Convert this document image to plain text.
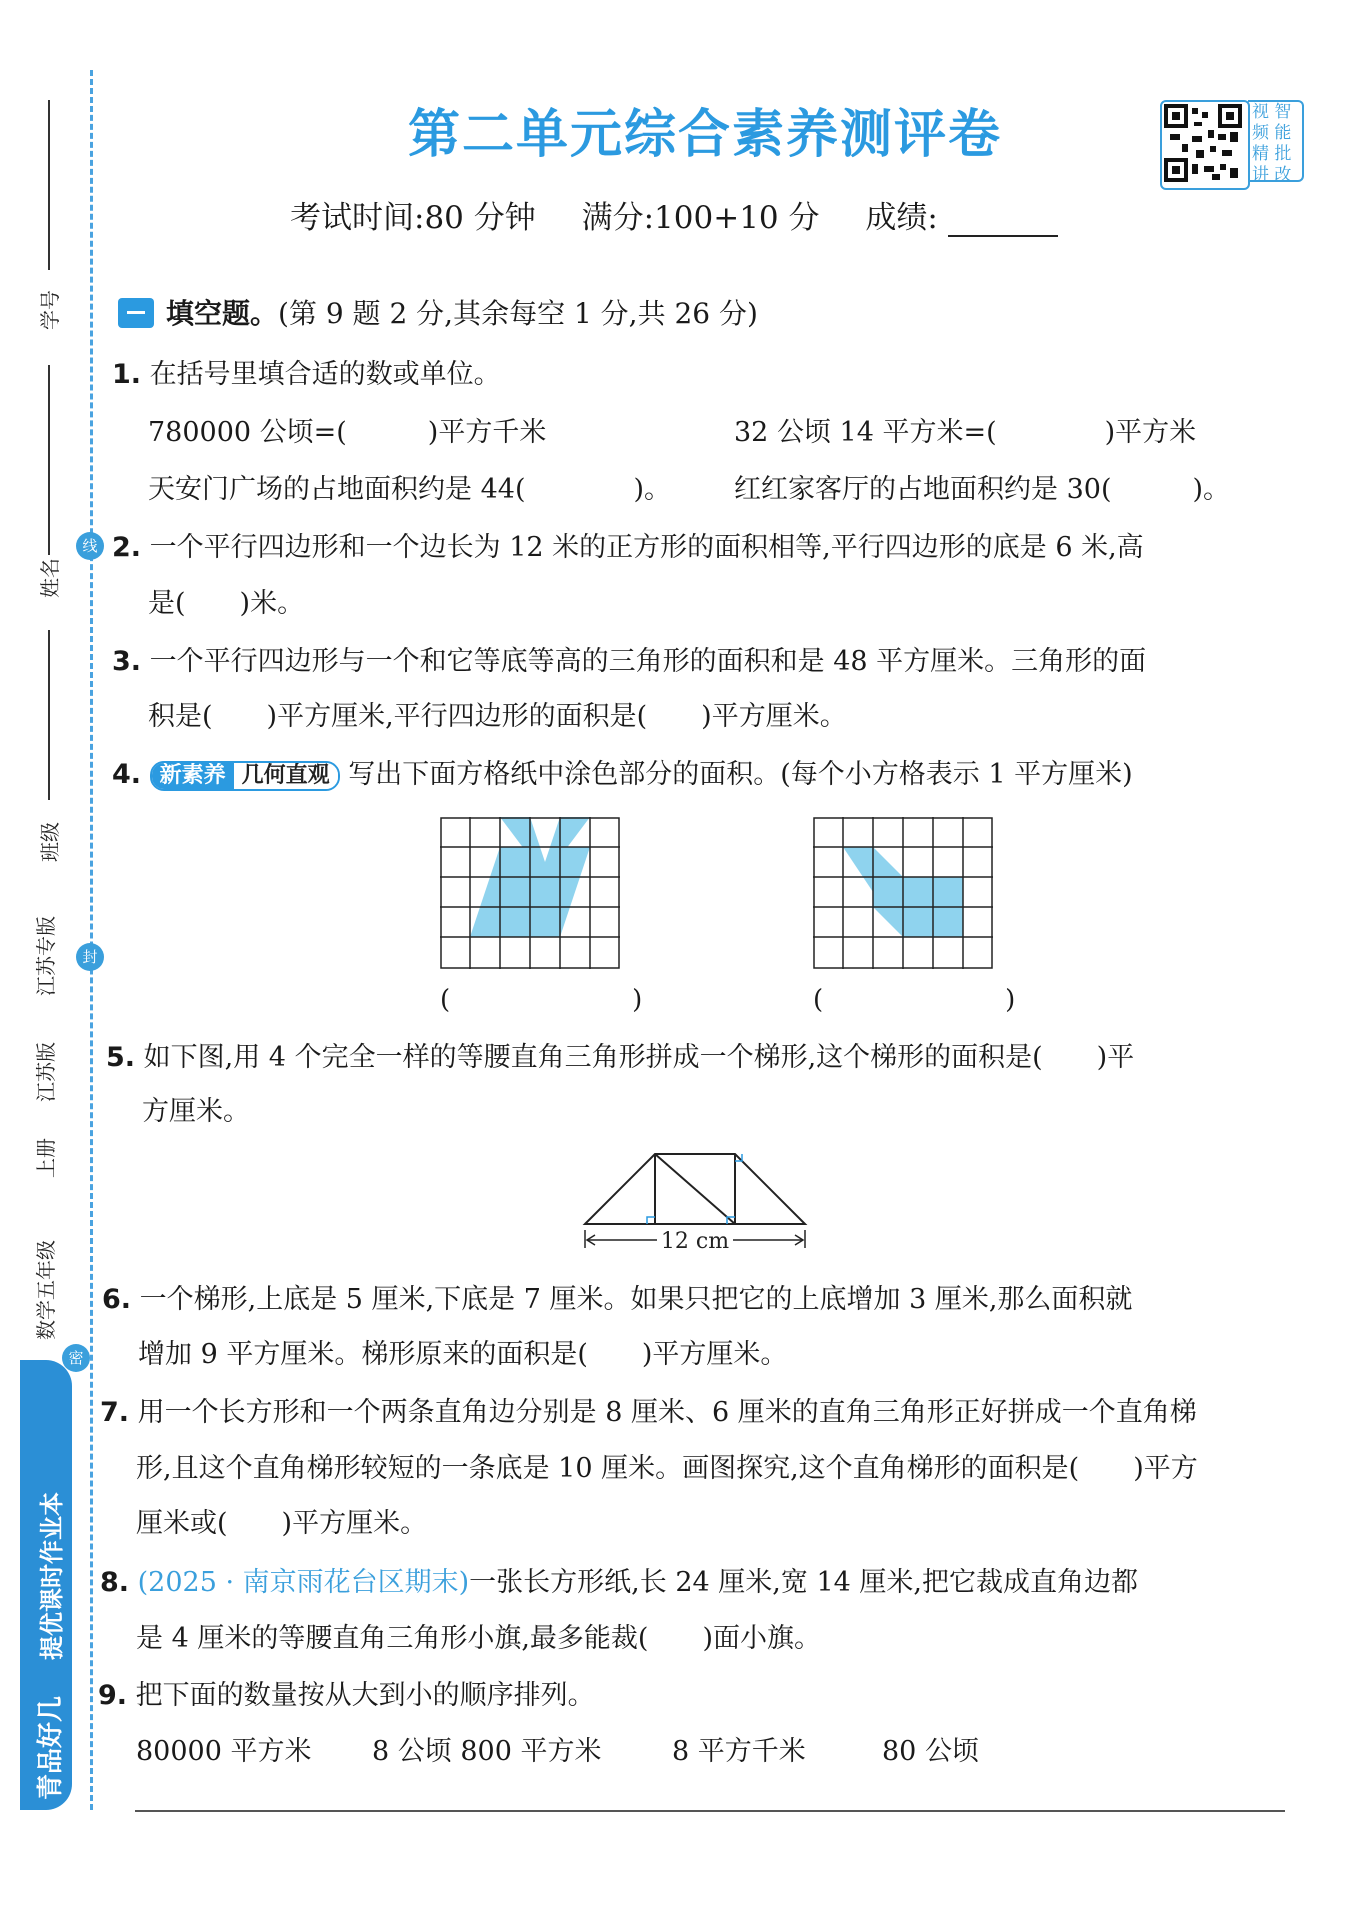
学号
姓名
线
班级
江苏专版	封
江苏版
上册
数学五年级
密
提优课时作业本
青品好几
第二单元综合素养测评卷	视 智 频 能 精 批 讲 改
考试时间:80 分钟 满分:100+10 分 成绩:
填空题。(第 9 题 2 分,其余每空 1 分,共 26 分)
1. 在括号里填合适的数或单位。
780000 公顷=(　　　)平方千米	32 公顷 14 平方米=(　　　　)平方米
天安门广场的占地面积约是 44(　　　　)。 红红家客厅的占地面积约是 30(　　　)。
2. 一个平行四边形和一个边长为 12 米的正方形的面积相等,平行四边形的底是 6 米,高
是(　　)米。
3. 一个平行四边形与一个和它等底等高的三角形的面积和是 48 平方厘米。三角形的面
积是(　　)平方厘米,平行四边形的面积是(　　)平方厘米。
4. 新素养 几何直观 写出下面方格纸中涂色部分的面积。(每个小方格表示 1 平方厘米)
(　　　　　　　)	(　　　　　　　)
5. 如下图,用 4 个完全一样的等腰直角三角形拼成一个梯形,这个梯形的面积是(　　)平
方厘米。
12 cm
6. 一个梯形,上底是 5 厘米,下底是 7 厘米。如果只把它的上底增加 3 厘米,那么面积就
增加 9 平方厘米。梯形原来的面积是(　　)平方厘米。
7. 用一个长方形和一个两条直角边分别是 8 厘米、6 厘米的直角三角形正好拼成一个直角梯
形,且这个直角梯形较短的一条底是 10 厘米。画图探究,这个直角梯形的面积是(　　)平方
厘米或(　　)平方厘米。
8. (2025 · 南京雨花台区期末)一张长方形纸,长 24 厘米,宽 14 厘米,把它裁成直角边都
是 4 厘米的等腰直角三角形小旗,最多能裁(　　)面小旗。
9. 把下面的数量按从大到小的顺序排列。
80000 平方米 8 公顷 800 平方米	8 平方千米	80 公顷
